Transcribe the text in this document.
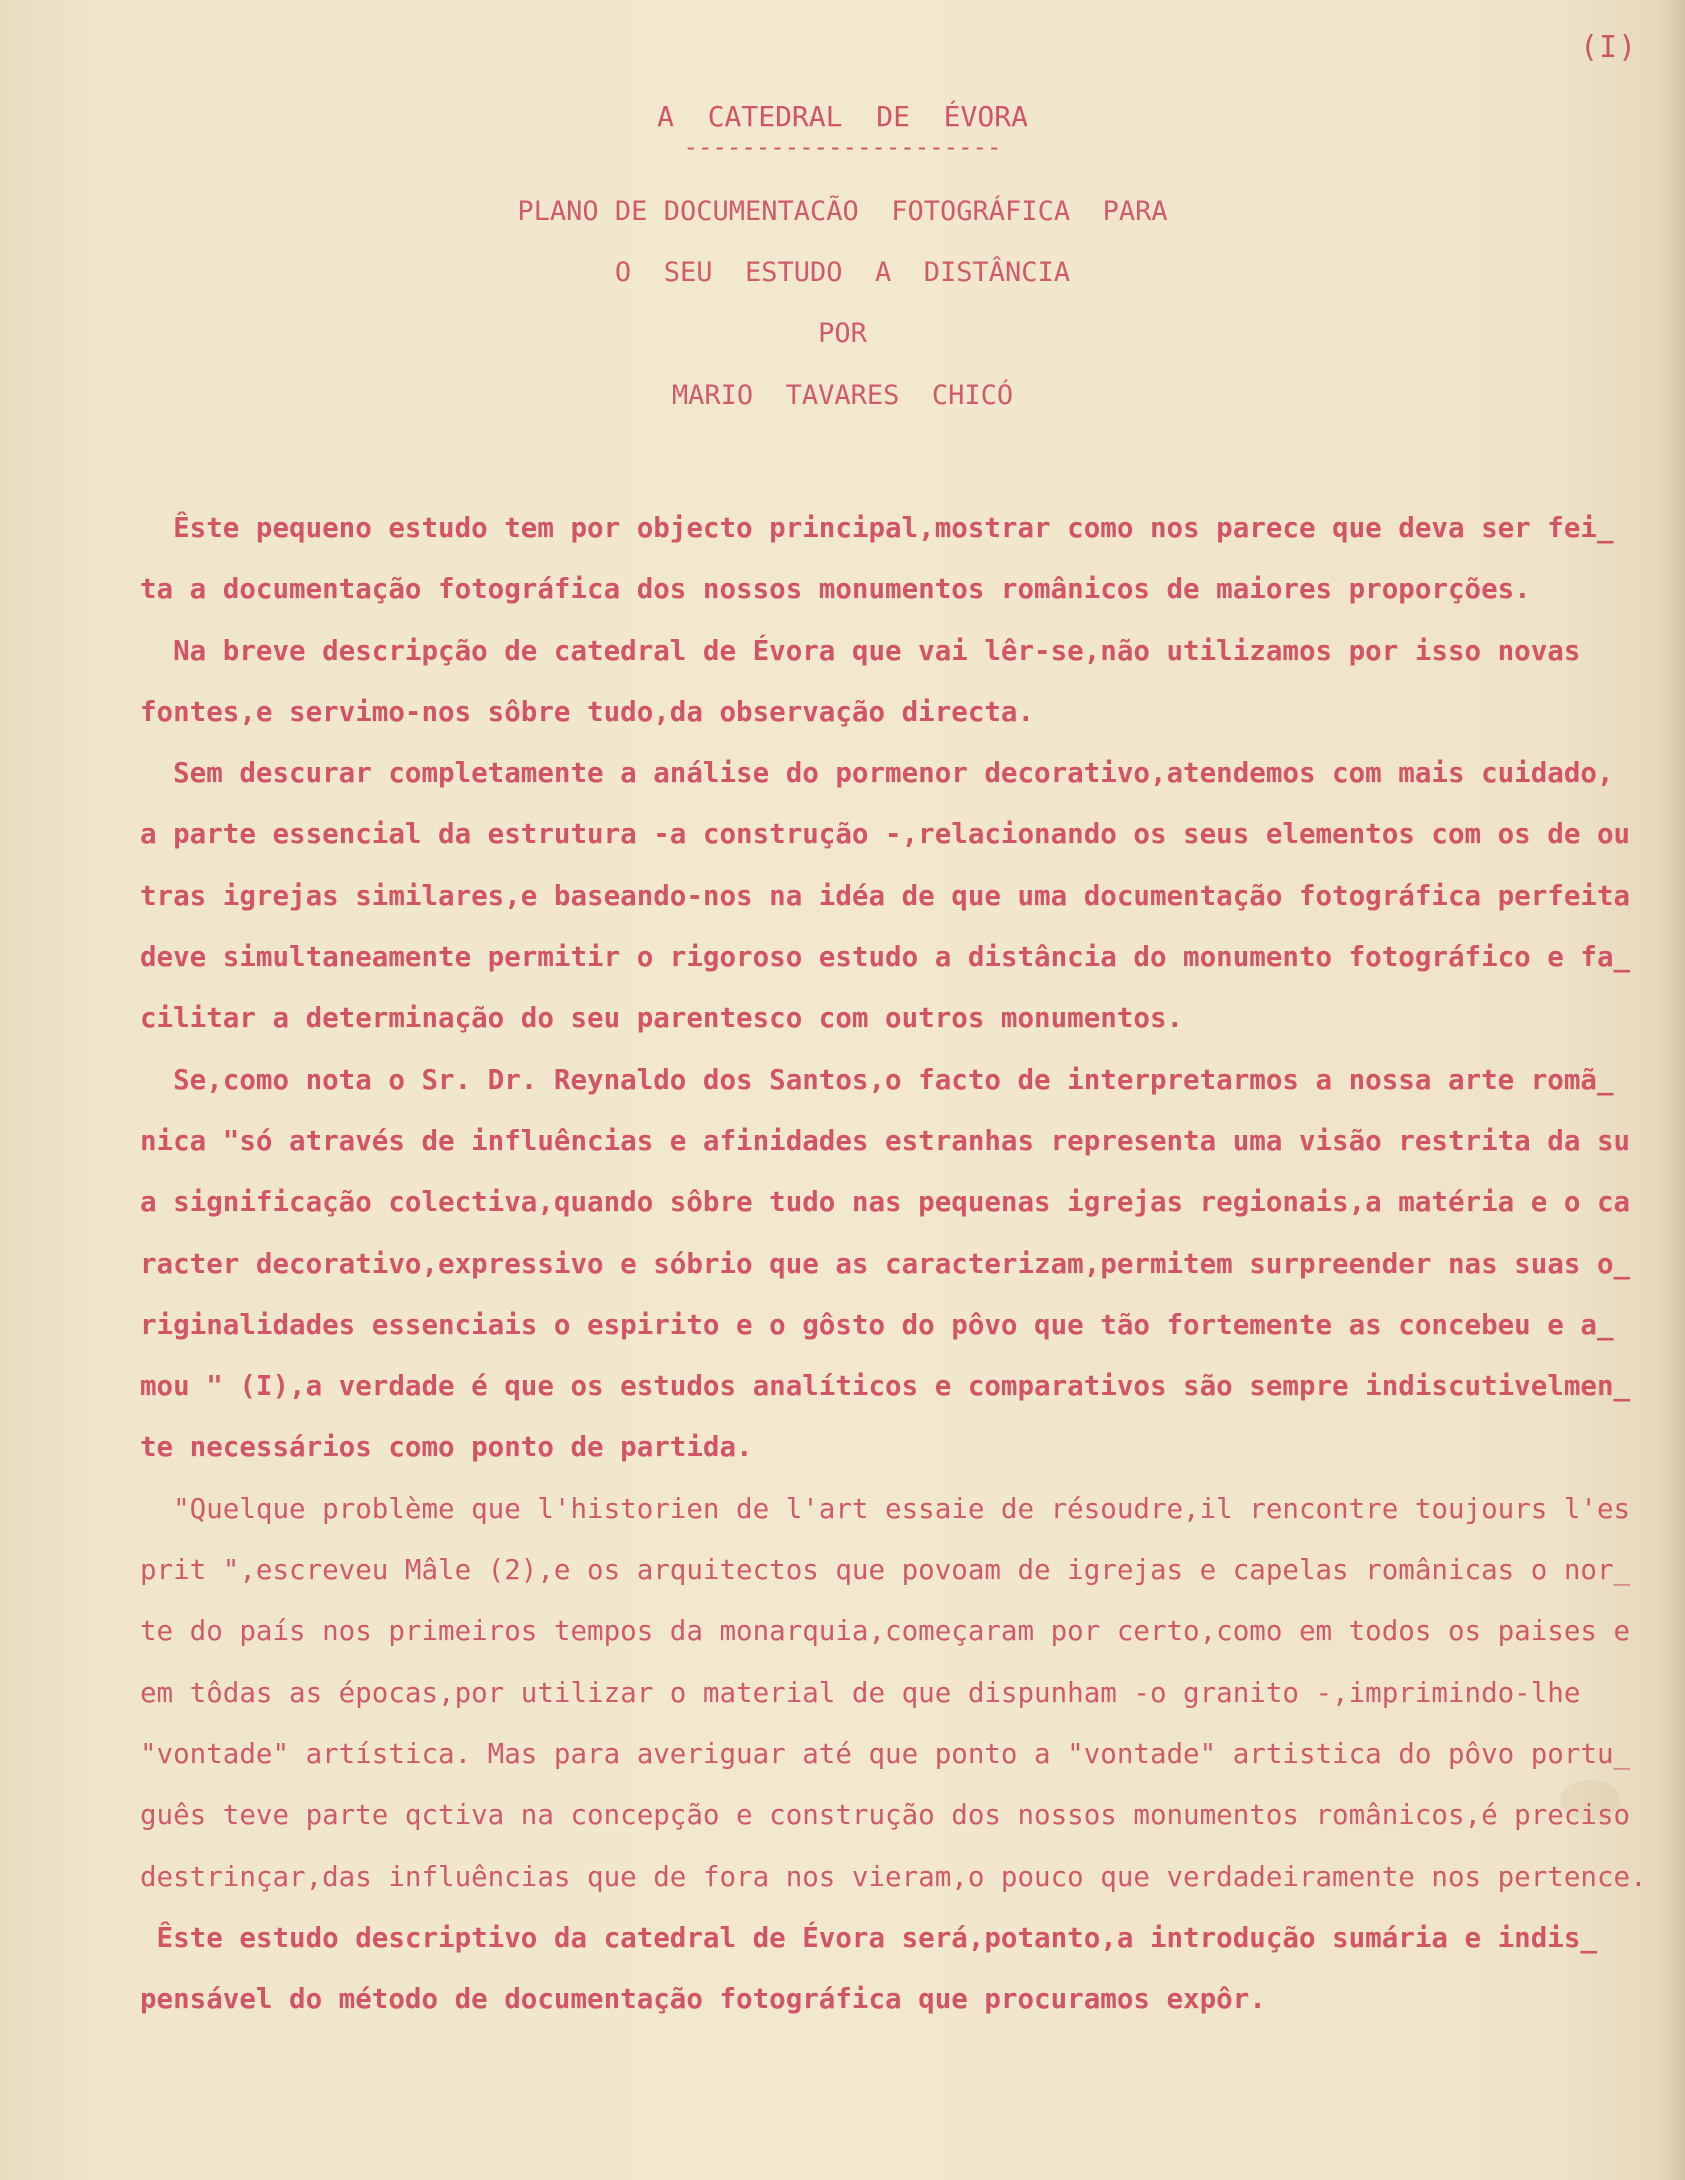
(I)
A  CATEDRAL  DE  ÉVORA
----------------------
PLANO DE DOCUMENTACÃO  FOTOGRÁFICA  PARA
O  SEU  ESTUDO  A  DISTÂNCIA
POR
MARIO  TAVARES  CHICÓ
Êste pequeno estudo tem por objecto principal,mostrar como nos parece que deva ser fei_
ta a documentação fotográfica dos nossos monumentos românicos de maiores proporções.
Na breve descripção de catedral de Évora que vai lêr-se,não utilizamos por isso novas
fontes,e servimo-nos sôbre tudo,da observação directa.
Sem descurar completamente a análise do pormenor decorativo,atendemos com mais cuidado,
a parte essencial da estrutura -a construção -,relacionando os seus elementos com os de ou
tras igrejas similares,e baseando-nos na idéa de que uma documentação fotográfica perfeita
deve simultaneamente permitir o rigoroso estudo a distância do monumento fotográfico e fa_
cilitar a determinação do seu parentesco com outros monumentos.
Se,como nota o Sr. Dr. Reynaldo dos Santos,o facto de interpretarmos a nossa arte romã_
nica "só através de influências e afinidades estranhas representa uma visão restrita da su
a significação colectiva,quando sôbre tudo nas pequenas igrejas regionais,a matéria e o ca
racter decorativo,expressivo e sóbrio que as caracterizam,permitem surpreender nas suas o_
riginalidades essenciais o espirito e o gôsto do pôvo que tão fortemente as concebeu e a_
mou " (I),a verdade é que os estudos analíticos e comparativos são sempre indiscutivelmen_
te necessários como ponto de partida.
"Quelque problème que l'historien de l'art essaie de résoudre,il rencontre toujours l'es
prit ",escreveu Mâle (2),e os arquitectos que povoam de igrejas e capelas românicas o nor_
te do país nos primeiros tempos da monarquia,começaram por certo,como em todos os paises e
em tôdas as épocas,por utilizar o material de que dispunham -o granito -,imprimindo-lhe
"vontade" artística. Mas para averiguar até que ponto a "vontade" artistica do pôvo portu_
guês teve parte qctiva na concepção e construção dos nossos monumentos românicos,é preciso
destrinçar,das influências que de fora nos vieram,o pouco que verdadeiramente nos pertence.
Êste estudo descriptivo da catedral de Évora será,potanto,a introdução sumária e indis_
pensável do método de documentação fotográfica que procuramos expôr.
